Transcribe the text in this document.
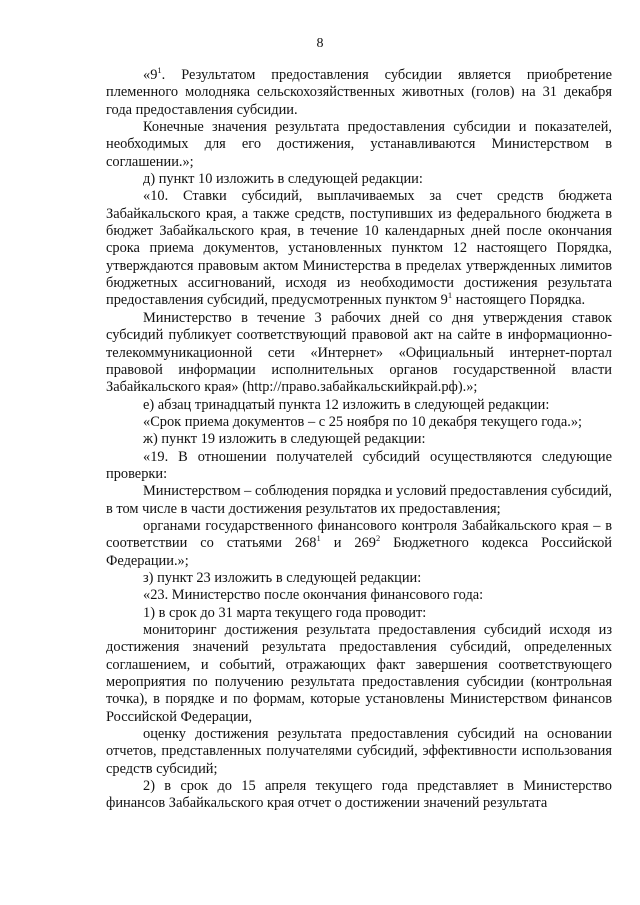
8

«$9^1$. Результатом предоставления субсидии является приобретение племенного молодняка сельскохозяйственных животных (голов) на 31 декабря года предоставления субсидии.

Конечные значения результата предоставления субсидии и показателей, необходимых для его достижения, устанавливаются Министерством в соглашении.»;

д) пункт 10 изложить в следующей редакции:

«10. Ставки субсидий, выплачиваемых за счет средств бюджета Забайкальского края, а также средств, поступивших из федерального бюджета в бюджет Забайкальского края, в течение 10 календарных дней после окончания срока приема документов, установленных пунктом 12 настоящего Порядка, утверждаются правовым актом Министерства в пределах утвержденных лимитов бюджетных ассигнований, исходя из необходимости достижения результата предоставления субсидий, предусмотренных пунктом $9^1$ настоящего Порядка.

Министерство в течение 3 рабочих дней со дня утверждения ставок субсидий публикует соответствующий правовой акт на сайте в информационно-телекоммуникационной сети «Интернет» «Официальный интернет-портал правовой информации исполнительных органов государственной власти Забайкальского края» (http://право.забайкальскийкрай.рф).»;

е) абзац тринадцатый пункта 12 изложить в следующей редакции:

«Срок приема документов – с 25 ноября по 10 декабря текущего года.»;

ж) пункт 19 изложить в следующей редакции:

«19. В отношении получателей субсидий осуществляются следующие проверки:

Министерством – соблюдения порядка и условий предоставления субсидий, в том числе в части достижения результатов их предоставления;

органами государственного финансового контроля Забайкальского края – в соответствии со статьями $268^1$ и $269^2$ Бюджетного кодекса Российской Федерации.»;

з) пункт 23 изложить в следующей редакции:

«23. Министерство после окончания финансового года:

1) в срок до 31 марта текущего года проводит:

мониторинг достижения результата предоставления субсидий исходя из достижения значений результата предоставления субсидий, определенных соглашением, и событий, отражающих факт завершения соответствующего мероприятия по получению результата предоставления субсидии (контрольная точка), в порядке и по формам, которые установлены Министерством финансов Российской Федерации,

оценку достижения результата предоставления субсидий на основании отчетов, представленных получателями субсидий, эффективности использования средств субсидий;

2) в срок до 15 апреля текущего года представляет в Министерство финансов Забайкальского края отчет о достижении значений результата
